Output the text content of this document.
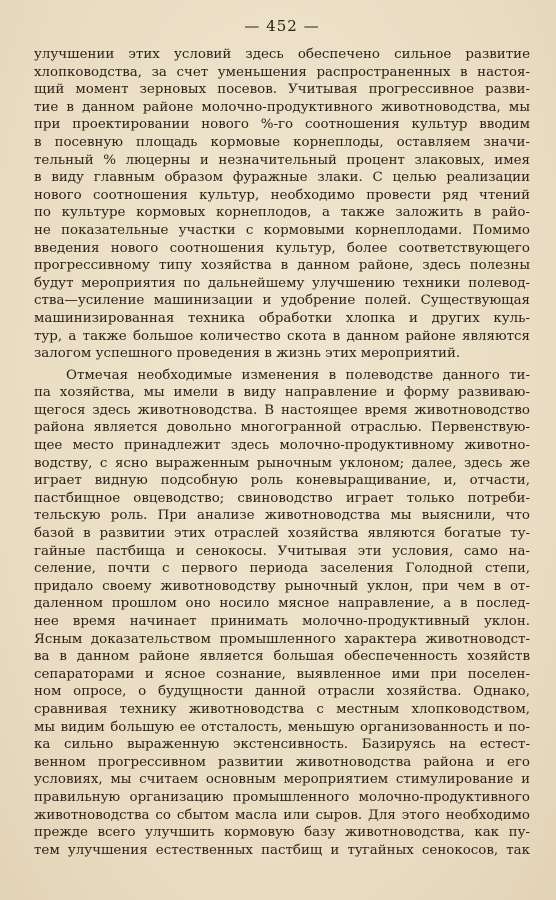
— 452 —
улучшении этих условий здесь обеспечено сильное развитие
хлопководства, за счет уменьшения распространенных в настоя-
щий момент зерновых посевов. Учитывая прогрессивное разви-
тие в данном районе молочно-продуктивного животноводства, мы
при проектировании нового %-го соотношения культур вводим
в посевную площадь кормовые корнеплоды, оставляем значи-
тельный % люцерны и незначительный процент злаковых, имея
в виду главным образом фуражные злаки. С целью реализации
нового соотношения культур, необходимо провести ряд чтений
по культуре кормовых корнеплодов, а также заложить в райо-
не показательные участки с кормовыми корнеплодами. Помимо
введения нового соотношения культур, более соответствующего
прогрессивному типу хозяйства в данном районе, здесь полезны
будут мероприятия по дальнейшему улучшению техники полевод-
ства—усиление машинизации и удобрение полей. Существующая
машинизированная техника обработки хлопка и других куль-
тур, а также большое количество скота в данном районе являются
залогом успешного проведения в жизнь этих мероприятий.
Отмечая необходимые изменения в полеводстве данного ти-
па хозяйства, мы имели в виду направление и форму развиваю-
щегося здесь животноводства. В настоящее время животноводство
района является довольно многогранной отраслью. Первенствую-
щее место принадлежит здесь молочно-продуктивному животно-
водству, с ясно выраженным рыночным уклоном; далее, здесь же
играет видную подсобную роль коневыращивание, и, отчасти,
пастбищное овцеводство; свиноводство играет только потреби-
тельскую роль. При анализе животноводства мы выяснили, что
базой в развитии этих отраслей хозяйства являются богатые ту-
гайные пастбища и сенокосы. Учитывая эти условия, само на-
селение, почти с первого периода заселения Голодной степи,
придало своему животноводству рыночный уклон, при чем в от-
даленном прошлом оно носило мясное направление, а в послед-
нее время начинает принимать молочно-продуктивный уклон.
Ясным доказательством промышленного характера животноводст-
ва в данном районе является большая обеспеченность хозяйств
сепараторами и ясное сознание, выявленное ими при поселен-
ном опросе, о будущности данной отрасли хозяйства. Однако,
сравнивая технику животноводства с местным хлопководством,
мы видим большую ее отсталость, меньшую организованность и по-
ка сильно выраженную экстенсивность. Базируясь на естест-
венном прогрессивном развитии животноводства района и его
условиях, мы считаем основным мероприятием стимулирование и
правильную организацию промышленного молочно-продуктивного
животноводства со сбытом масла или сыров. Для этого необходимо
прежде всего улучшить кормовую базу животноводства, как пу-
тем улучшения естественных пастбищ и тугайных сенокосов, так
